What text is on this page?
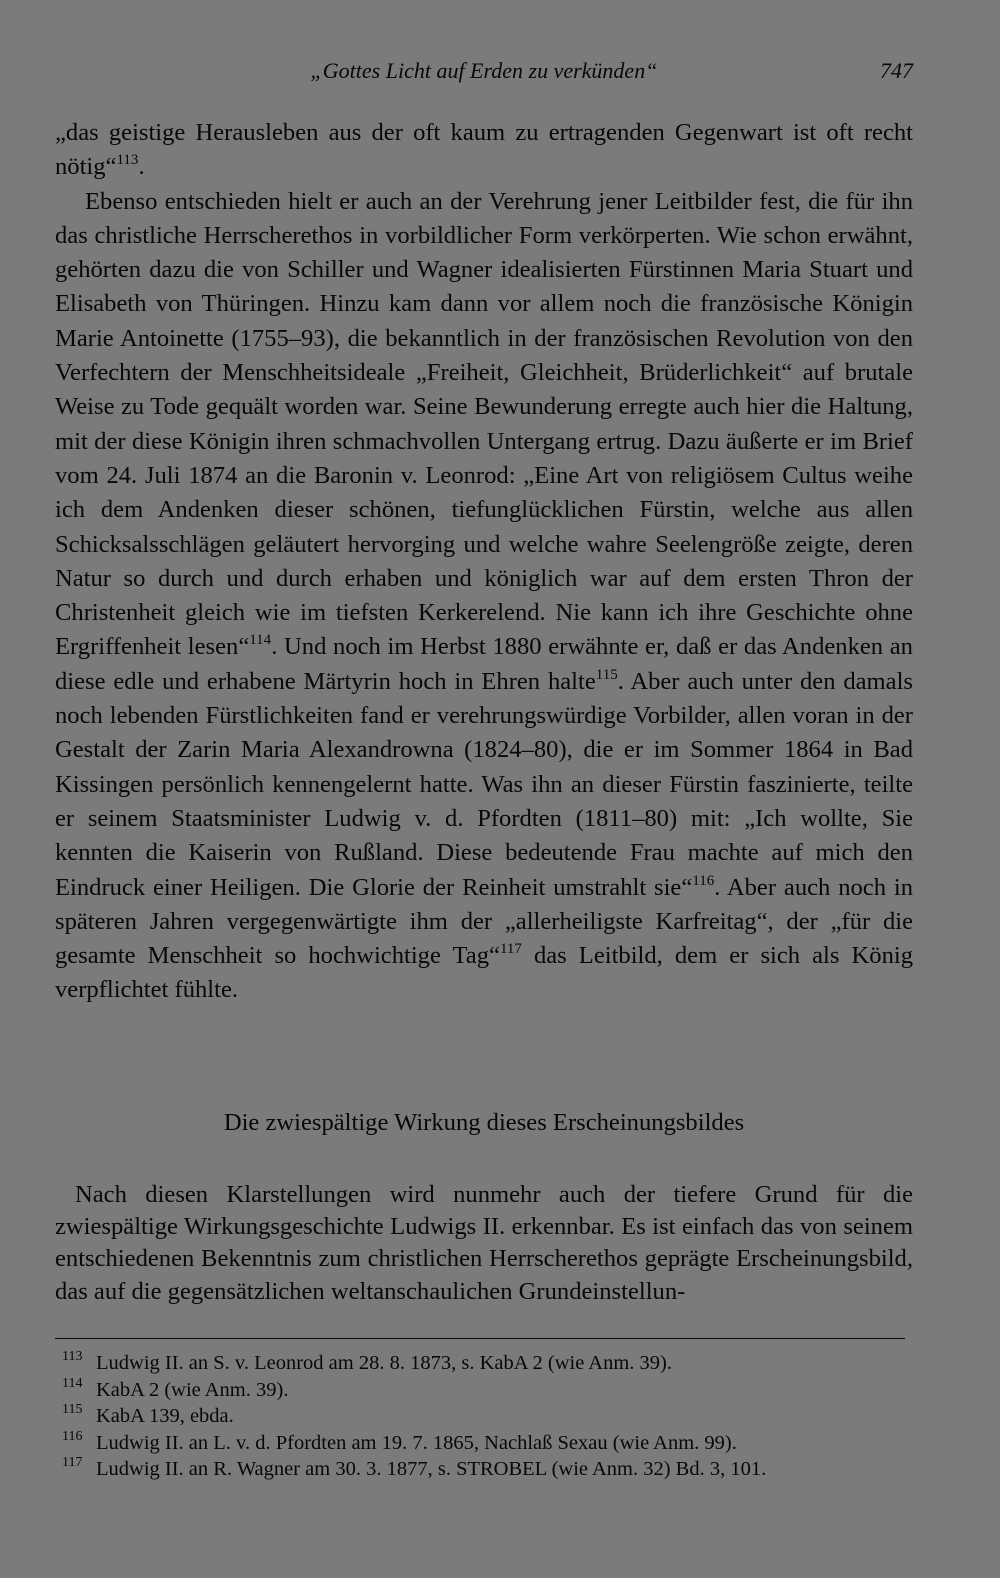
„Gottes Licht auf Erden zu verkünden“	747

„das geistige Herausleben aus der oft kaum zu ertragenden Gegenwart ist oft recht nötig“$^{113}$.

Ebenso entschieden hielt er auch an der Verehrung jener Leitbilder fest, die für ihn das christliche Herrscherethos in vorbildlicher Form verkörperten. Wie schon erwähnt, gehörten dazu die von Schiller und Wagner idealisierten Fürstinnen Maria Stuart und Elisabeth von Thüringen. Hinzu kam dann vor allem noch die französische Königin Marie Antoinette (1755–93), die bekanntlich in der französischen Revolution von den Verfechtern der Menschheitsideale „Freiheit, Gleichheit, Brüderlichkeit“ auf brutale Weise zu Tode gequält worden war. Seine Bewunderung erregte auch hier die Haltung, mit der diese Königin ihren schmachvollen Untergang ertrug. Dazu äußerte er im Brief vom 24. Juli 1874 an die Baronin v. Leonrod: „Eine Art von religiösem Cultus weihe ich dem Andenken dieser schönen, tiefunglücklichen Fürstin, welche aus allen Schicksalsschlägen geläutert hervorging und welche wahre Seelengröße zeigte, deren Natur so durch und durch erhaben und königlich war auf dem ersten Thron der Christenheit gleich wie im tiefsten Kerkerelend. Nie kann ich ihre Geschichte ohne Ergriffenheit lesen“$^{114}$. Und noch im Herbst 1880 erwähnte er, daß er das Andenken an diese edle und erhabene Märtyrin hoch in Ehren halte$^{115}$. Aber auch unter den damals noch lebenden Fürstlichkeiten fand er verehrungswürdige Vorbilder, allen voran in der Gestalt der Zarin Maria Alexandrowna (1824–80), die er im Sommer 1864 in Bad Kissingen persönlich kennengelernt hatte. Was ihn an dieser Fürstin faszinierte, teilte er seinem Staatsminister Ludwig v. d. Pfordten (1811–80) mit: „Ich wollte, Sie kennten die Kaiserin von Rußland. Diese bedeutende Frau machte auf mich den Eindruck einer Heiligen. Die Glorie der Reinheit umstrahlt sie“$^{116}$. Aber auch noch in späteren Jahren vergegenwärtigte ihm der „allerheiligste Karfreitag“, der „für die gesamte Menschheit so hochwichtige Tag“$^{117}$ das Leitbild, dem er sich als König verpflichtet fühlte.

Die zwiespältige Wirkung dieses Erscheinungsbildes

Nach diesen Klarstellungen wird nunmehr auch der tiefere Grund für die zwiespältige Wirkungsgeschichte Ludwigs II. erkennbar. Es ist einfach das von seinem entschiedenen Bekenntnis zum christlichen Herrscherethos geprägte Erscheinungsbild, das auf die gegensätzlichen weltanschaulichen Grundeinstellun-

113 Ludwig II. an S. v. Leonrod am 28. 8. 1873, s. KabA 2 (wie Anm. 39).
114 KabA 2 (wie Anm. 39).
115 KabA 139, ebda.
116 Ludwig II. an L. v. d. Pfordten am 19. 7. 1865, Nachlaß Sexau (wie Anm. 99).
117 Ludwig II. an R. Wagner am 30. 3. 1877, s. STROBEL (wie Anm. 32) Bd. 3, 101.
